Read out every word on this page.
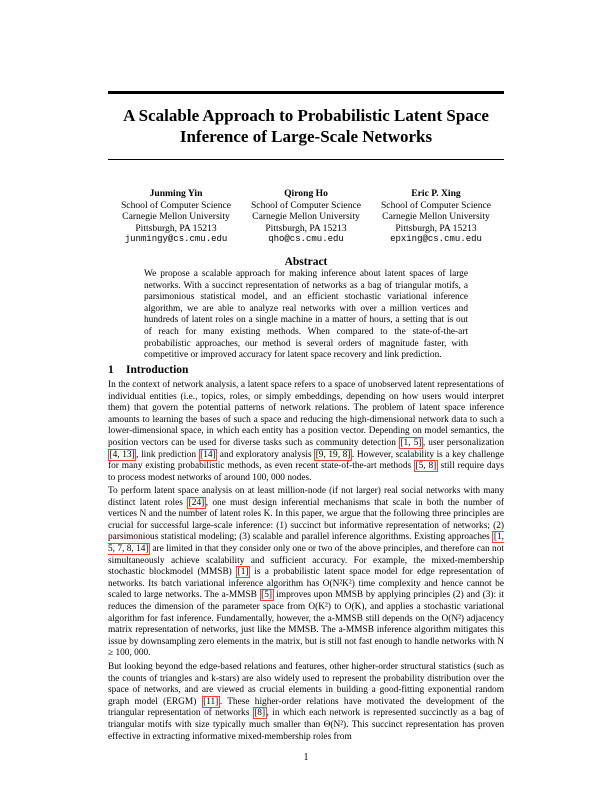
A Scalable Approach to Probabilistic Latent Space Inference of Large-Scale Networks
Junming Yin
School of Computer Science
Carnegie Mellon University
Pittsburgh, PA 15213
junmingy@cs.cmu.edu
Qirong Ho
School of Computer Science
Carnegie Mellon University
Pittsburgh, PA 15213
qho@cs.cmu.edu
Eric P. Xing
School of Computer Science
Carnegie Mellon University
Pittsburgh, PA 15213
epxing@cs.cmu.edu
Abstract

We propose a scalable approach for making inference about latent spaces of large networks. With a succinct representation of networks as a bag of triangular motifs, a parsimonious statistical model, and an efficient stochastic variational inference algorithm, we are able to analyze real networks with over a million vertices and hundreds of latent roles on a single machine in a matter of hours, a setting that is out of reach for many existing methods. When compared to the state-of-the-art probabilistic approaches, our method is several orders of magnitude faster, with competitive or improved accuracy for latent space recovery and link prediction.

1 Introduction

In the context of network analysis, a latent space refers to a space of unobserved latent representations of individual entities (i.e., topics, roles, or simply embeddings, depending on how users would interpret them) that govern the potential patterns of network relations. The problem of latent space inference amounts to learning the bases of such a space and reducing the high-dimensional network data to such a lower-dimensional space, in which each entity has a position vector. Depending on model semantics, the position vectors can be used for diverse tasks such as community detection [1, 5] , user personalization [4, 13] , link prediction [14] and exploratory analysis [9, 19, 8] . However, scalability is a key challenge for many existing probabilistic methods, as even recent state-of-the-art methods [5, 8] still require days to process modest networks of around 100, 000 nodes.

To perform latent space analysis on at least million-node (if not larger) real social networks with many distinct latent roles [24] , one must design inferential mechanisms that scale in both the number of vertices N and the number of latent roles K. In this paper, we argue that the following three principles are crucial for successful large-scale inference: (1) succinct but informative representation of networks; (2) parsimonious statistical modeling; (3) scalable and parallel inference algorithms. Existing approaches [1, 5, 7, 8, 14] are limited in that they consider only one or two of the above principles, and therefore can not simultaneously achieve scalability and sufficient accuracy. For example, the mixed-membership stochastic blockmodel (MMSB) [1] is a probabilistic latent space model for edge representation of networks. Its batch variational inference algorithm has O(N²K²) time complexity and hence cannot be scaled to large networks. The a-MMSB [5] improves upon MMSB by applying principles (2) and (3): it reduces the dimension of the parameter space from O(K²) to O(K), and applies a stochastic variational algorithm for fast inference. Fundamentally, however, the a-MMSB still depends on the O(N²) adjacency matrix representation of networks, just like the MMSB. The a-MMSB inference algorithm mitigates this issue by downsampling zero elements in the matrix, but is still not fast enough to handle networks with N ≥ 100, 000.

But looking beyond the edge-based relations and features, other higher-order structural statistics (such as the counts of triangles and k-stars) are also widely used to represent the probability distribution over the space of networks, and are viewed as crucial elements in building a good-fitting exponential random graph model (ERGM) [11] . These higher-order relations have motivated the development of the triangular representation of networks [8] , in which each network is represented succinctly as a bag of triangular motifs with size typically much smaller than Θ(N²). This succinct representation has proven effective in extracting informative mixed-membership roles from

1
